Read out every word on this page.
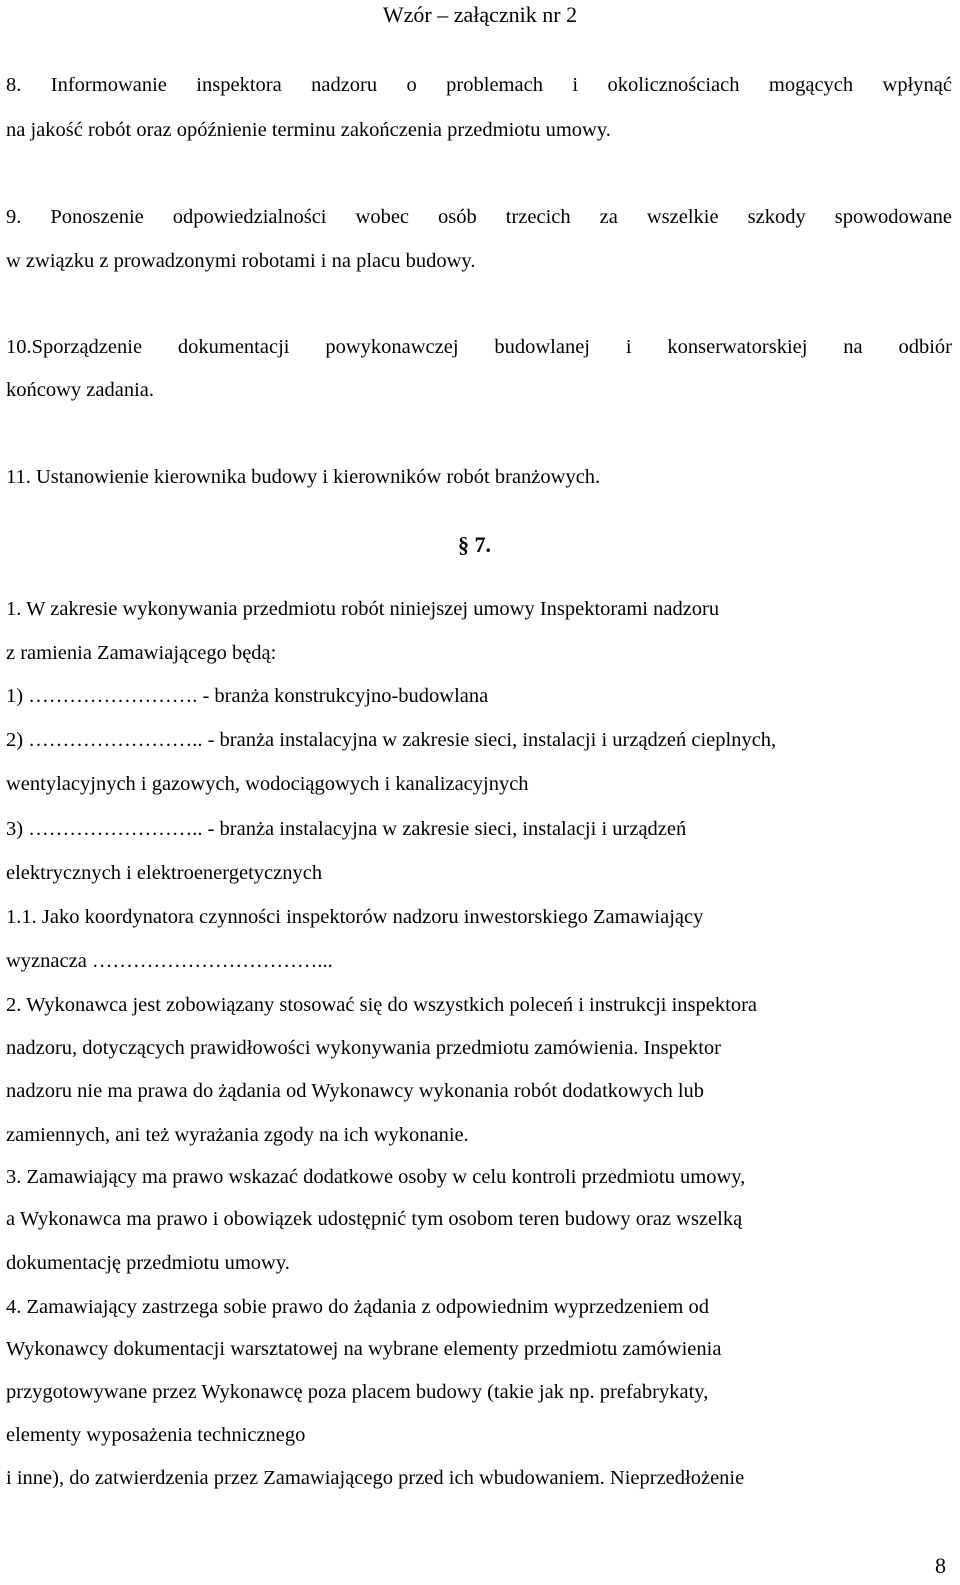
Wzór – załącznik nr 2
8. Informowanie inspektora nadzoru o problemach i okolicznościach mogących wpłynąć
na jakość robót oraz opóźnienie terminu zakończenia przedmiotu umowy.
9. Ponoszenie odpowiedzialności wobec osób trzecich za wszelkie szkody spowodowane
w związku z prowadzonymi robotami i na placu budowy.
10.Sporządzenie dokumentacji powykonawczej budowlanej i konserwatorskiej na odbiór
końcowy zadania.
11. Ustanowienie kierownika budowy i kierowników robót branżowych.
§ 7.
1. W zakresie wykonywania przedmiotu robót niniejszej umowy Inspektorami nadzoru
z ramienia Zamawiającego będą:
1) ……………………. - branża konstrukcyjno-budowlana
2) …………………….. - branża instalacyjna w zakresie sieci, instalacji i urządzeń cieplnych,
wentylacyjnych i gazowych, wodociągowych i kanalizacyjnych
3) …………………….. - branża instalacyjna w zakresie sieci, instalacji i urządzeń
elektrycznych i elektroenergetycznych
1.1. Jako koordynatora czynności inspektorów nadzoru inwestorskiego Zamawiający
wyznacza ……………………………...
2. Wykonawca jest zobowiązany stosować się do wszystkich poleceń i instrukcji inspektora
nadzoru, dotyczących prawidłowości wykonywania przedmiotu zamówienia. Inspektor
nadzoru nie ma prawa do żądania od Wykonawcy wykonania robót dodatkowych lub
zamiennych, ani też wyrażania zgody na ich wykonanie.
3. Zamawiający ma prawo wskazać dodatkowe osoby w celu kontroli przedmiotu umowy,
a Wykonawca ma prawo i obowiązek udostępnić tym osobom teren budowy oraz wszelką
dokumentację przedmiotu umowy.
4. Zamawiający zastrzega sobie prawo do żądania z odpowiednim wyprzedzeniem od
Wykonawcy dokumentacji warsztatowej na wybrane elementy przedmiotu zamówienia
przygotowywane przez Wykonawcę poza placem budowy (takie jak np. prefabrykaty,
elementy wyposażenia technicznego
i inne), do zatwierdzenia przez Zamawiającego przed ich wbudowaniem. Nieprzedłożenie
8
